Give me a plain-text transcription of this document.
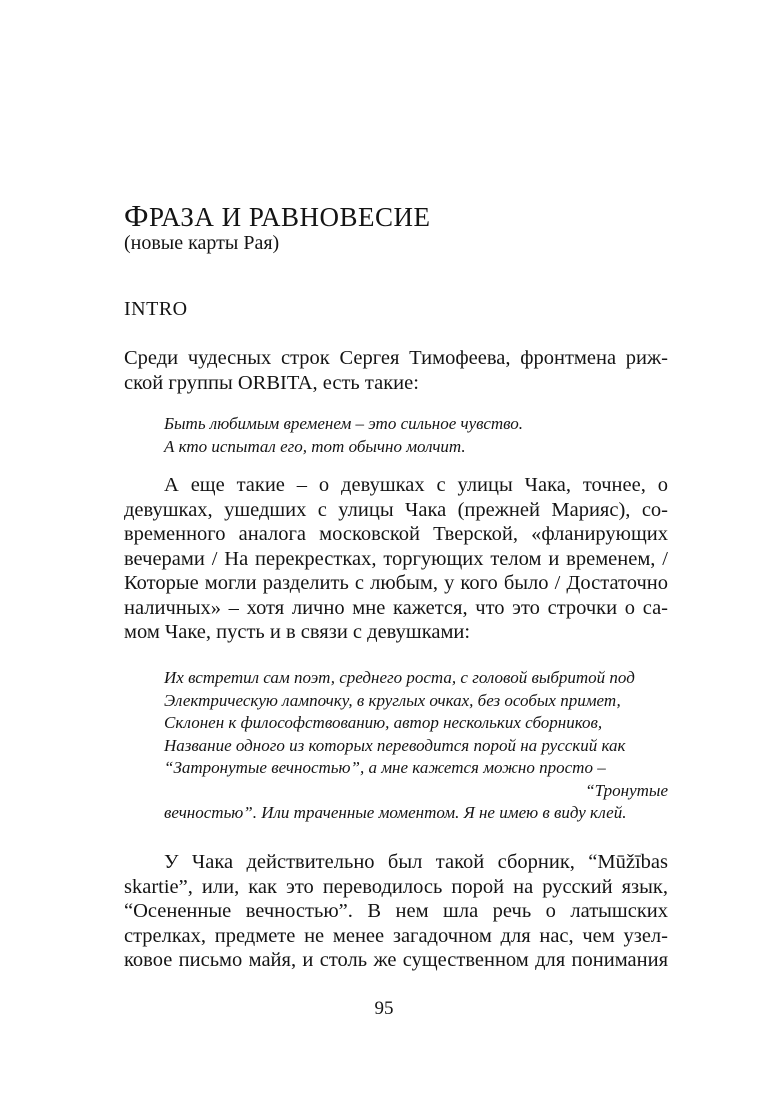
ФРАЗА И РАВНОВЕСИЕ
(новые карты Рая)
INTRO
Среди чудесных строк Сергея Тимофеева, фронтмена риж-
ской группы ORBITA, есть такие:
Быть любимым временем – это сильное чувство.
А кто испытал его, тот обычно молчит.
А еще такие – о девушках с улицы Чака, точнее, о
девушках, ушедших с улицы Чака (прежней Марияс), со-
временного аналога московской Тверской, «фланирующих
вечерами / На перекрестках, торгующих телом и временем, /
Которые могли разделить с любым, у кого было / Достаточно
наличных» – хотя лично мне кажется, что это строчки о са-
мом Чаке, пусть и в связи с девушками:
Их встретил сам поэт, среднего роста, с головой выбритой под
Электрическую лампочку, в круглых очках, без особых примет,
Склонен к философствованию, автор нескольких сборников,
Название одного из которых переводится порой на русский как
“Затронутые вечностью”, а мне кажется можно просто –
“Тронутые
вечностью”. Или траченные моментом. Я не имею в виду клей.
У Чака действительно был такой сборник, “Mūžības
skartie”, или, как это переводилось порой на русский язык,
“Осененные вечностью”. В нем шла речь о латышских
стрелках, предмете не менее загадочном для нас, чем узел-
ковое письмо майя, и столь же существенном для понимания
95
